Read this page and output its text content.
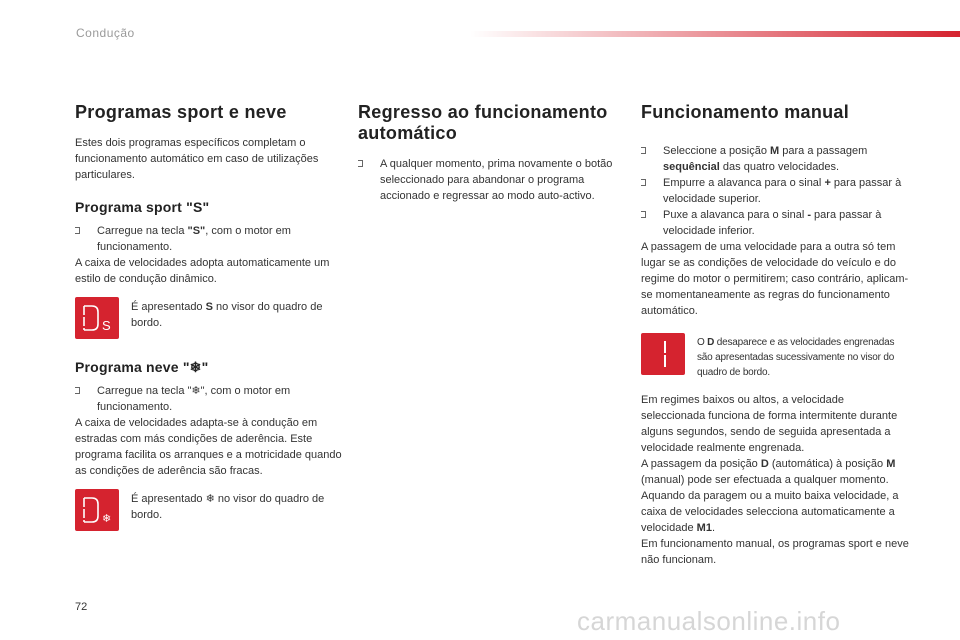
Condução
Programas sport e neve

Estes dois programas específicos completam o funcionamento automático em caso de utilizações particulares.

Programa sport "S"
Carregue na tecla "S", com o motor em funcionamento.

A caixa de velocidades adopta automaticamente um estilo de condução dinâmico.

S
É apresentado S no visor do quadro de bordo.
Programa neve "❄"
Carregue na tecla "❄", com o motor em funcionamento.

A caixa de velocidades adapta-se à condução em estradas com más condições de aderência. Este programa facilita os arranques e a motricidade quando as condições de aderência são fracas.

❄
É apresentado ❄ no visor do quadro de bordo.
Regresso ao funcionamento automático
A qualquer momento, prima novamente o botão seleccionado para abandonar o programa accionado e regressar ao modo auto-activo.
Funcionamento manual
Seleccione a posição M para a passagem sequêncial das quatro velocidades.
Empurre a alavanca para o sinal + para passar à velocidade superior.
Puxe a alavanca para o sinal - para passar à velocidade inferior.

A passagem de uma velocidade para a outra só tem lugar se as condições de velocidade do veículo e do regime do motor o permitirem; caso contrário, aplicam-se momentaneamente as regras do funcionamento automático.

O D desaparece e as velocidades engrenadas são apresentadas sucessivamente no visor do quadro de bordo.

Em regimes baixos ou altos, a velocidade seleccionada funciona de forma intermitente durante alguns segundos, sendo de seguida apresentada a velocidade realmente engrenada.

A passagem da posição D (automática) à posição M (manual) pode ser efectuada a qualquer momento.

Aquando da paragem ou a muito baixa velocidade, a caixa de velocidades selecciona automaticamente a velocidade M1.

Em funcionamento manual, os programas sport e neve não funcionam.

72	carmanualsonline.info
